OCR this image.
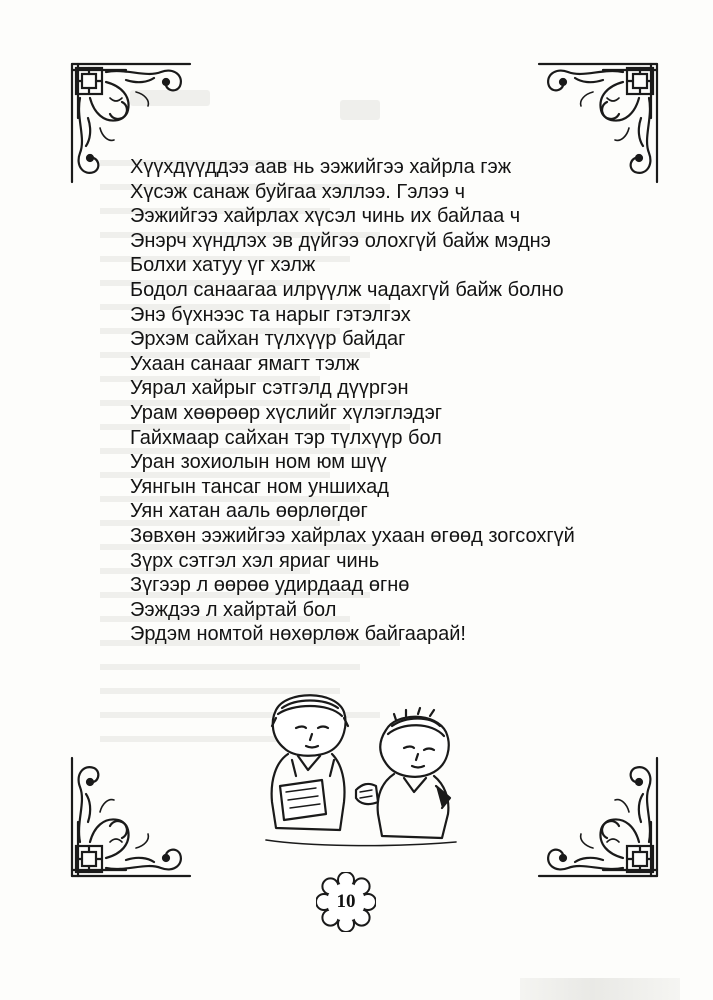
Хүүхдүүддээ аав нь ээжийгээ хайрла гэж
Хүсэж санаж буйгаа хэллээ. Гэлээ ч
Ээжийгээ хайрлах хүсэл чинь их байлаа ч
Энэрч хүндлэх эв дүйгээ олохгүй байж мэднэ
Болхи хатуу үг хэлж
Бодол санаагаа илрүүлж чадахгүй байж болно
Энэ бүхнээс та нарыг гэтэлгэх
Эрхэм сайхан түлхүүр байдаг
Ухаан санааг ямагт тэлж
Уярал хайрыг сэтгэлд дүүргэн
Урам хөөрөөр хүслийг хүлэглэдэг
Гайхмаар сайхан тэр түлхүүр бол
Уран зохиолын ном юм шүү
Уянгын тансаг ном уншихад
Уян хатан ааль өөрлөгдөг
Зөвхөн ээжийгээ хайрлах ухаан өгөөд зогсохгүй
Зүрх сэтгэл хэл яриаг чинь
Зүгээр л өөрөө удирдаад өгнө
Ээждээ л хайртай бол
Эрдэм номтой нөхөрлөж байгаарай!
10
